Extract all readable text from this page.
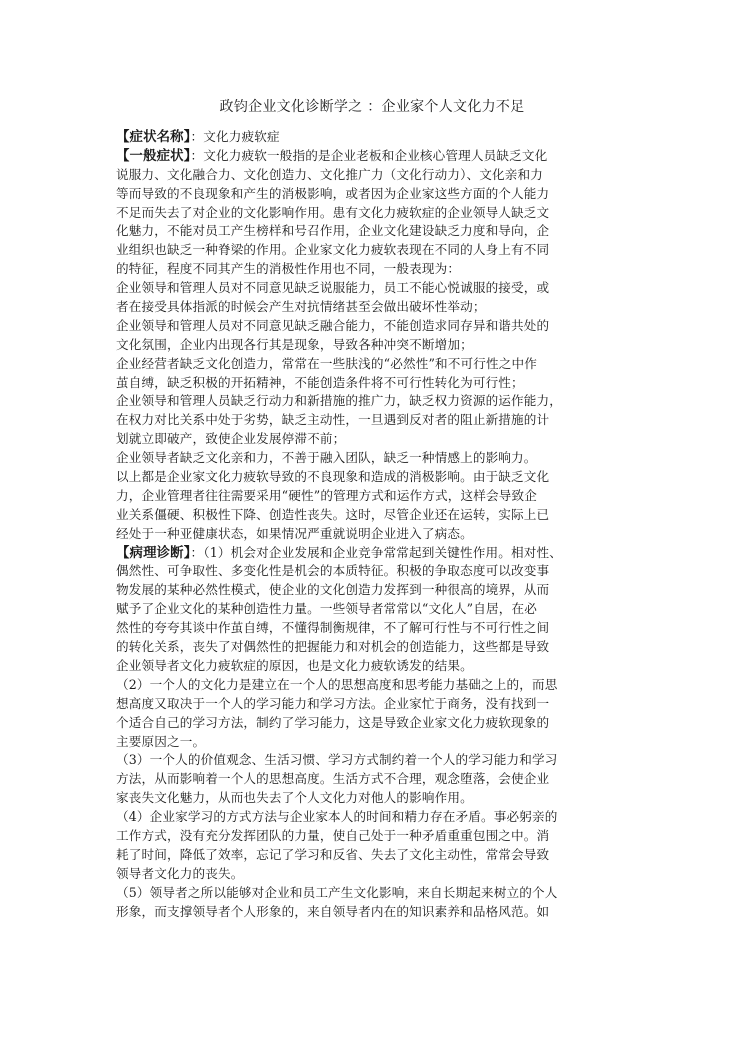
政钧企业文化诊断学之 ：企业家个人文化力不足
【症状名称】：文化力疲软症
【一般症状】：文化力疲软一般指的是企业老板和企业核心管理人员缺乏文化
说服力、文化融合力、文化创造力、文化推广力（文化行动力）、文化亲和力
等而导致的不良现象和产生的消极影响，或者因为企业家这些方面的个人能力
不足而失去了对企业的文化影响作用。患有文化力疲软症的企业领导人缺乏文
化魅力，不能对员工产生榜样和号召作用，企业文化建设缺乏力度和导向，企
业组织也缺乏一种脊梁的作用。企业家文化力疲软表现在不同的人身上有不同
的特征，程度不同其产生的消极性作用也不同，一般表现为：
企业领导和管理人员对不同意见缺乏说服能力，员工不能心悦诚服的接受，或
者在接受具体指派的时候会产生对抗情绪甚至会做出破坏性举动；
企业领导和管理人员对不同意见缺乏融合能力，不能创造求同存异和谐共处的
文化氛围，企业内出现各行其是现象，导致各种冲突不断增加；
企业经营者缺乏文化创造力，常常在一些肤浅的“必然性”和不可行性之中作
茧自缚，缺乏积极的开拓精神，不能创造条件将不可行性转化为可行性；
企业领导和管理人员缺乏行动力和新措施的推广力，缺乏权力资源的运作能力，
在权力对比关系中处于劣势，缺乏主动性，一旦遇到反对者的阻止新措施的计
划就立即破产，致使企业发展停滞不前；
企业领导者缺乏文化亲和力，不善于融入团队，缺乏一种情感上的影响力。
以上都是企业家文化力疲软导致的不良现象和造成的消极影响。由于缺乏文化
力，企业管理者往往需要采用“硬性”的管理方式和运作方式，这样会导致企
业关系僵硬、积极性下降、创造性丧失。这时，尽管企业还在运转，实际上已
经处于一种亚健康状态，如果情况严重就说明企业进入了病态。
【病理诊断】：（1）机会对企业发展和企业竞争常常起到关键性作用。相对性、
偶然性、可争取性、多变化性是机会的本质特征。积极的争取态度可以改变事
物发展的某种必然性模式，使企业的文化创造力发挥到一种很高的境界，从而
赋予了企业文化的某种创造性力量。一些领导者常常以“文化人”自居，在必
然性的夸夸其谈中作茧自缚，不懂得制衡规律，不了解可行性与不可行性之间
的转化关系，丧失了对偶然性的把握能力和对机会的创造能力，这些都是导致
企业领导者文化力疲软症的原因，也是文化力疲软诱发的结果。
（2）一个人的文化力是建立在一个人的思想高度和思考能力基础之上的，而思
想高度又取决于一个人的学习能力和学习方法。企业家忙于商务，没有找到一
个适合自己的学习方法，制约了学习能力，这是导致企业家文化力疲软现象的
主要原因之一。
（3）一个人的价值观念、生活习惯、学习方式制约着一个人的学习能力和学习
方法，从而影响着一个人的思想高度。生活方式不合理，观念堕落，会使企业
家丧失文化魅力，从而也失去了个人文化力对他人的影响作用。
（4）企业家学习的方式方法与企业家本人的时间和精力存在矛盾。事必躬亲的
工作方式，没有充分发挥团队的力量，使自己处于一种矛盾重重包围之中。消
耗了时间，降低了效率，忘记了学习和反省、失去了文化主动性，常常会导致
领导者文化力的丧失。
（5）领导者之所以能够对企业和员工产生文化影响，来自长期起来树立的个人
形象，而支撑领导者个人形象的，来自领导者内在的知识素养和品格风范。如
